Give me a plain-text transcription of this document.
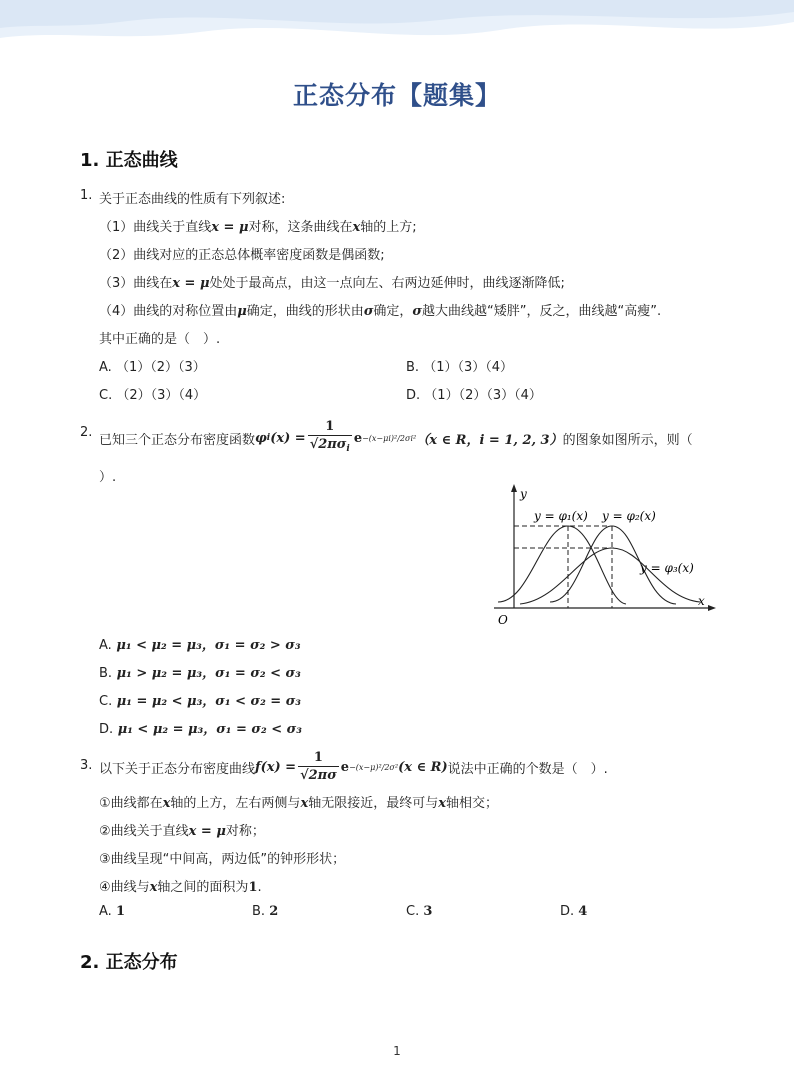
正态分布【题集】
1. 正态曲线
1. 关于正态曲线的性质有下列叙述:
（1）曲线关于直线x = μ对称，这条曲线在x轴的上方;
（2）曲线对应的正态总体概率密度函数是偶函数;
（3）曲线在x = μ处处于最高点，由这一点向左、右两边延伸时，曲线逐渐降低;
（4）曲线的对称位置由μ确定，曲线的形状由σ确定，σ越大曲线越“矮胖”，反之，曲线越“高瘦”.
其中正确的是（　）.
A. （1）（2）（3）	B. （1）（3）（4）
C. （2）（3）（4）	D. （1）（2）（3）（4）
2. 已知三个正态分布密度函数 φ i $(x) = \frac{1}{√2\pi\sigma_i}$ e −(x−μi)²/2σi² （x ∈ R，i = 1, 2, 3） 的图象如图所示，则（
）.
y
x
O
y = φ₁(x) y = φ₂(x)
y = φ₃(x)
A. μ₁ < μ₂ = μ₃，σ₁ = σ₂ > σ₃
B. μ₁ > μ₂ = μ₃，σ₁ = σ₂ < σ₃
C. μ₁ = μ₂ < μ₃，σ₁ < σ₂ = σ₃
D. μ₁ < μ₂ = μ₃，σ₁ = σ₂ < σ₃
3. 以下关于正态分布密度曲线 $f(x) = \frac{1}{√2\pi\sigma}$ e −(x−μ)²/2σ² (x ∈ R) 说法中正确的个数是（　）.
①曲线都在x轴的上方，左右两侧与x轴无限接近，最终可与x轴相交；
②曲线关于直线x = μ对称；
③曲线呈现“中间高，两边低”的钟形形状；
④曲线与x轴之间的面积为1.
A. 1	B. 2	C. 3	D. 4
2. 正态分布
1
